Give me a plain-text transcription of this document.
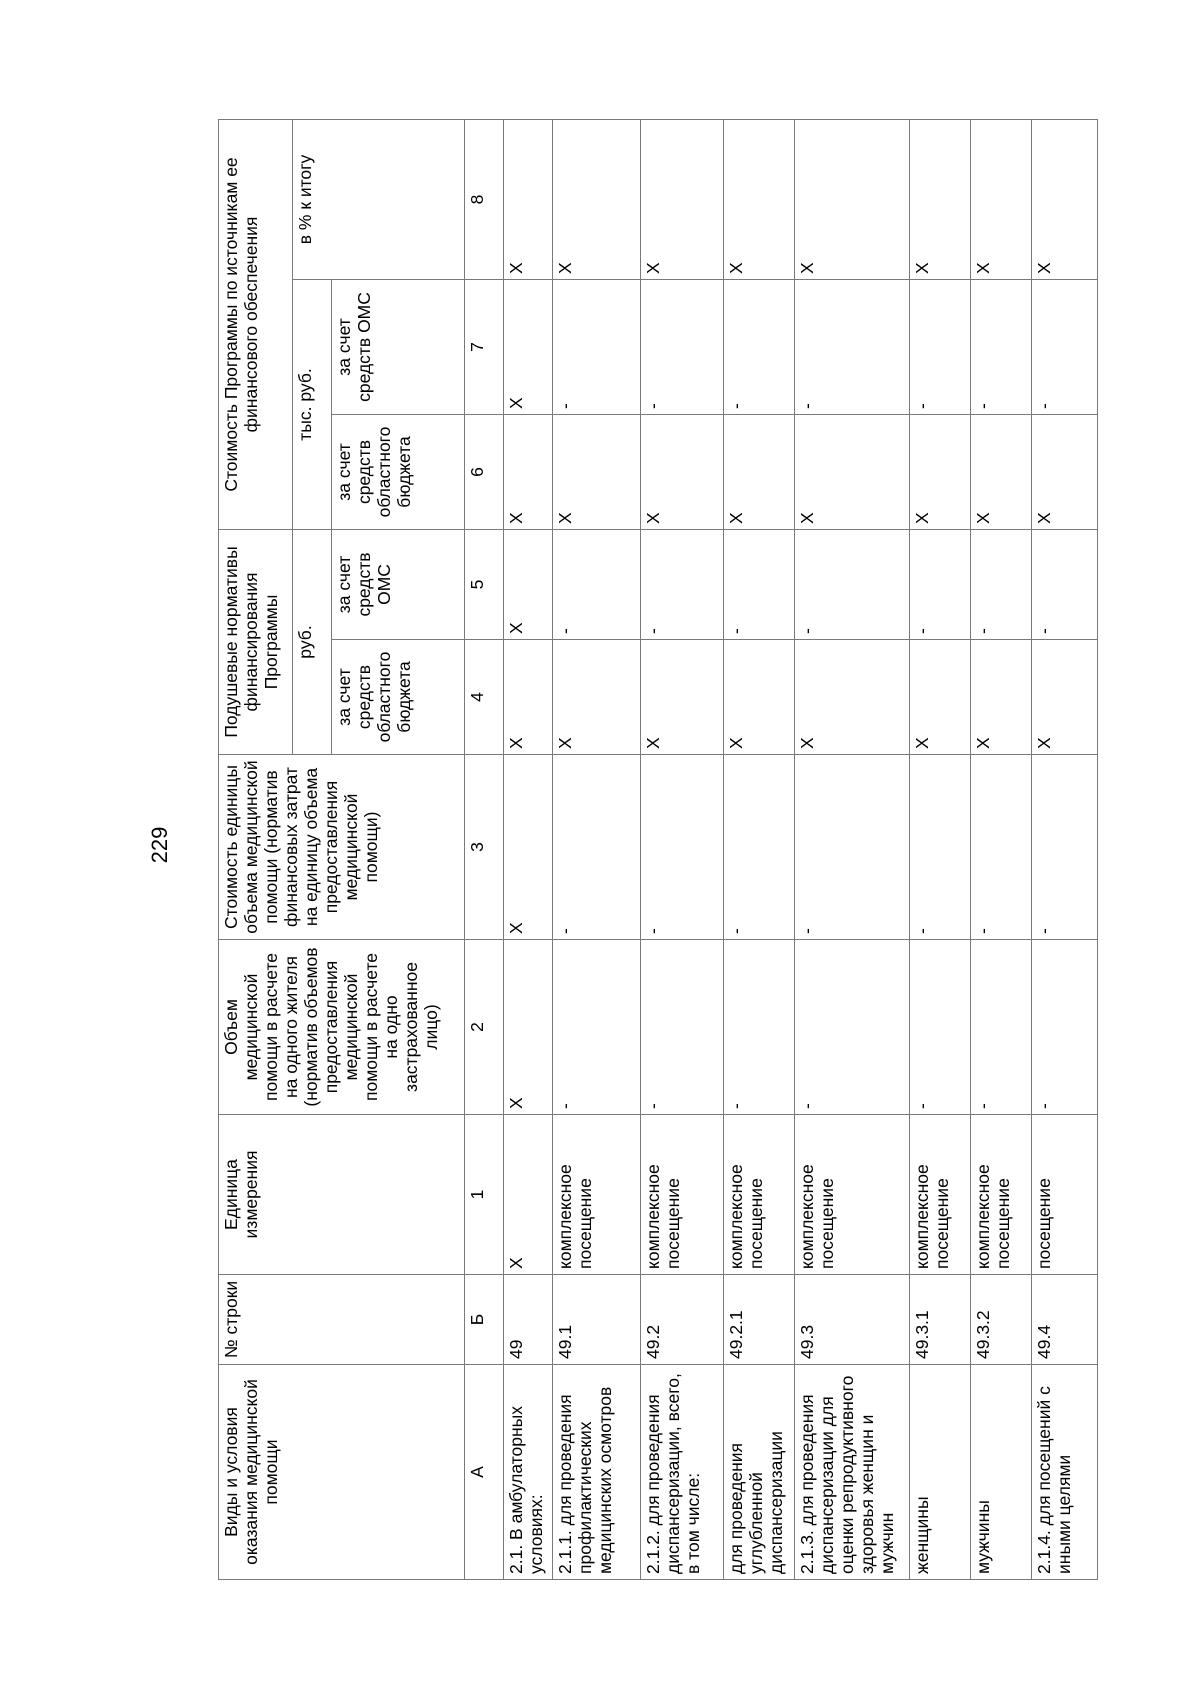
229
Виды и условия оказания медицинской помощи	№ строки	Единица измерения	Объем медицинской помощи в расчете на одного жителя (норматив объемов предоставления медицинской помощи в расчете на одно застрахованное лицо)	Стоимость единицы объема медицинской помощи (норматив финансовых затрат на единицу объема предоставления медицинской помощи)	Подушевые нормативы финансирования Программы		Стоимость Программы по источникам ее финансового обеспечения		
					руб.		тыс. руб.		в % к итогу
					за счет средств областного бюджета	за счет средств ОМС	за счет средств областного бюджета	за счет средств ОМС	
А	Б	1	2	3	4	5	6	7	8
2.1. В амбулаторных условиях:	49	Х	Х	Х	Х	Х	Х	Х	Х
2.1.1. для проведения профилактических медицинских осмотров	49.1	комплексное посещение	-	-	Х	-	Х	-	Х
2.1.2. для проведения диспансеризации, всего, в том числе:	49.2	комплексное посещение	-	-	Х	-	Х	-	Х
для проведения углубленной диспансеризации	49.2.1	комплексное посещение	-	-	Х	-	Х	-	Х
2.1.3. для проведения диспансеризации для оценки репродуктивного здоровья женщин и мужчин	49.3	комплексное посещение	-	-	Х	-	Х	-	Х
женщины	49.3.1	комплексное посещение	-	-	Х	-	Х	-	Х
мужчины	49.3.2	комплексное посещение	-	-	Х	-	Х	-	Х
2.1.4. для посещений с иными целями	49.4	посещение	-	-	Х	-	Х	-	Х
